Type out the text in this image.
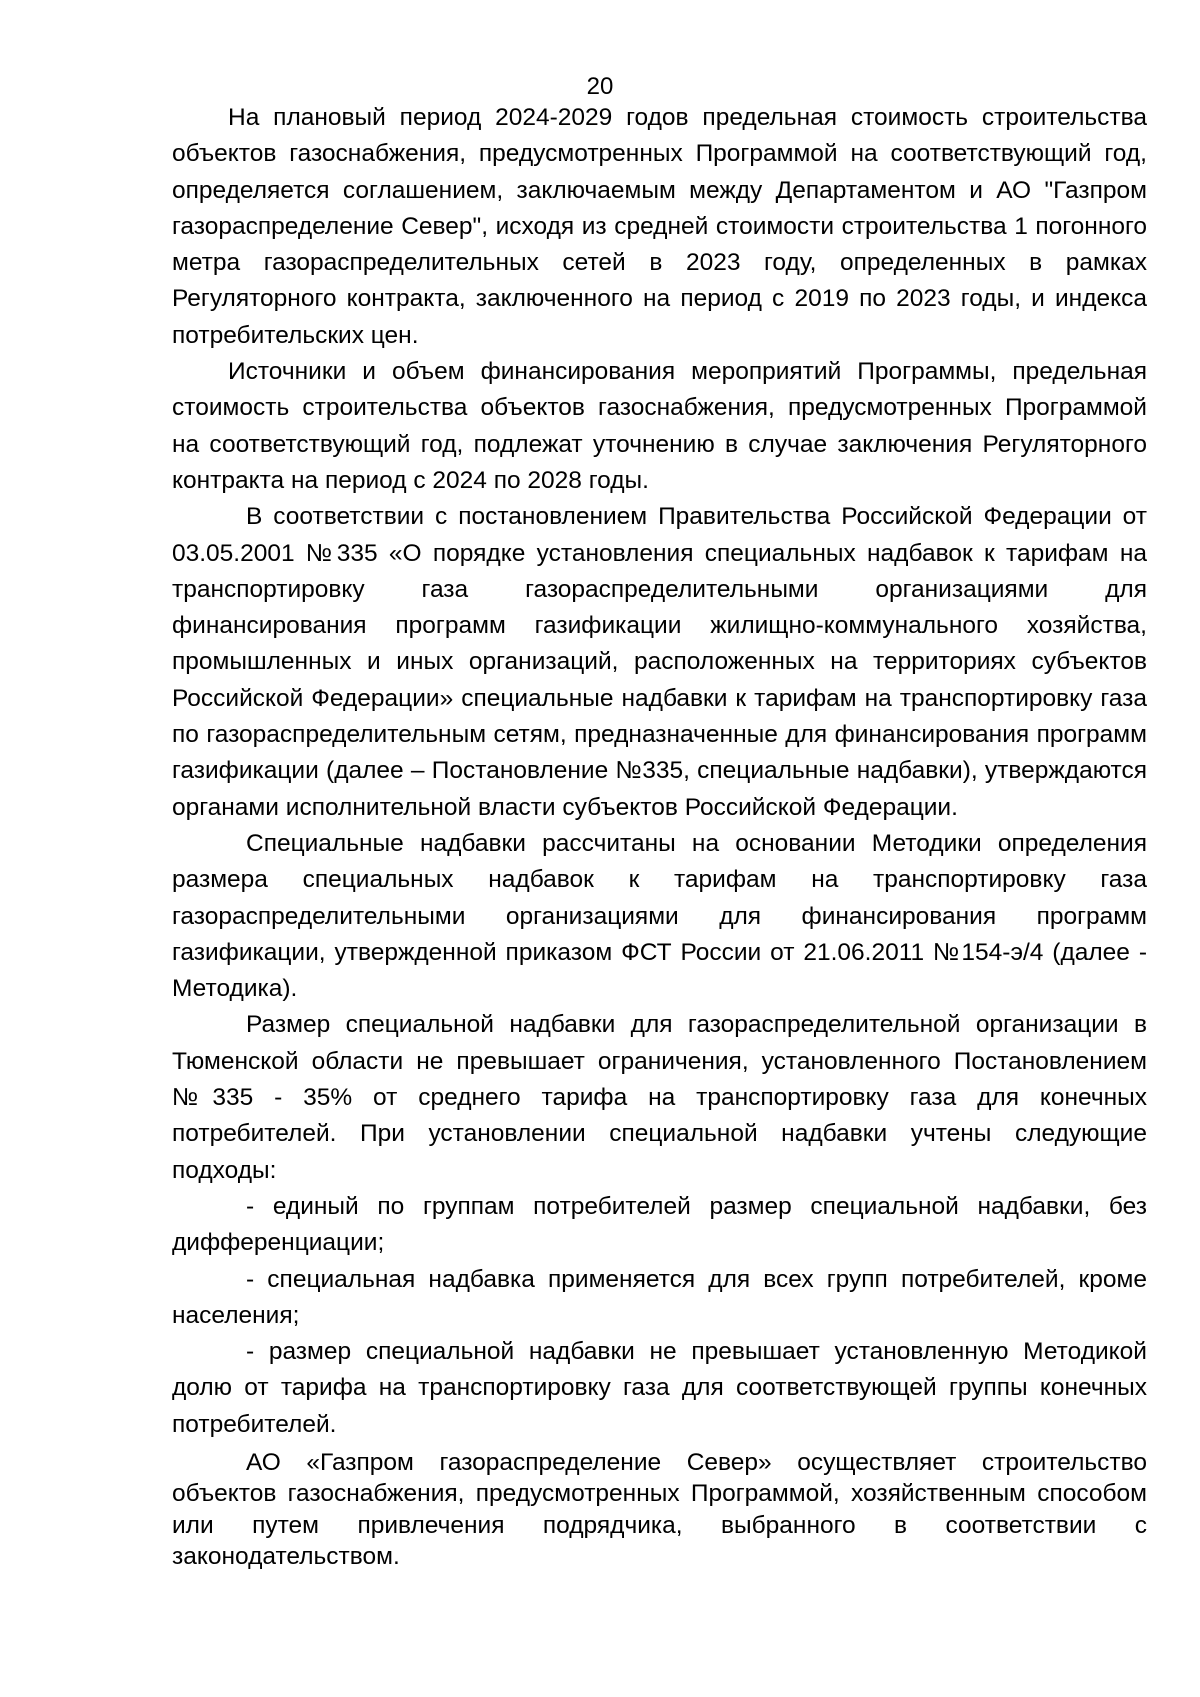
20

На плановый период 2024-2029 годов предельная стоимость строительства объектов газоснабжения, предусмотренных Программой на соответствующий год, определяется соглашением, заключаемым между Департаментом и АО "Газпром газораспределение Север", исходя из средней стоимости строительства 1 погонного метра газораспределительных сетей в 2023 году, определенных в рамках Регуляторного контракта, заключенного на период с 2019 по 2023 годы, и индекса потребительских цен.

Источники и объем финансирования мероприятий Программы, предельная стоимость строительства объектов газоснабжения, предусмотренных Программой на соответствующий год, подлежат уточнению в случае заключения Регуляторного контракта на период с 2024 по 2028 годы.

В соответствии с постановлением Правительства Российской Федерации от 03.05.2001 №335 «О порядке установления специальных надбавок к тарифам на транспортировку газа газораспределительными организациями для финансирования программ газификации жилищно-коммунального хозяйства, промышленных и иных организаций, расположенных на территориях субъектов Российской Федерации» специальные надбавки к тарифам на транспортировку газа по газораспределительным сетям, предназначенные для финансирования программ газификации (далее – Постановление №335, специальные надбавки), утверждаются органами исполнительной власти субъектов Российской Федерации.

Специальные надбавки рассчитаны на основании Методики определения размера специальных надбавок к тарифам на транспортировку газа газораспределительными организациями для финансирования программ газификации, утвержденной приказом ФСТ России от 21.06.2011 №154-э/4 (далее - Методика).

Размер специальной надбавки для газораспределительной организации в Тюменской области не превышает ограничения, установленного Постановлением №335 - 35% от среднего тарифа на транспортировку газа для конечных потребителей. При установлении специальной надбавки учтены следующие подходы:

- единый по группам потребителей размер специальной надбавки, без дифференциации;

- специальная надбавка применяется для всех групп потребителей, кроме населения;

- размер специальной надбавки не превышает установленную Методикой долю от тарифа на транспортировку газа для соответствующей группы конечных потребителей.

АО «Газпром газораспределение Север» осуществляет строительство объектов газоснабжения, предусмотренных Программой, хозяйственным способом или путем привлечения подрядчика, выбранного в соответствии с законодательством.
